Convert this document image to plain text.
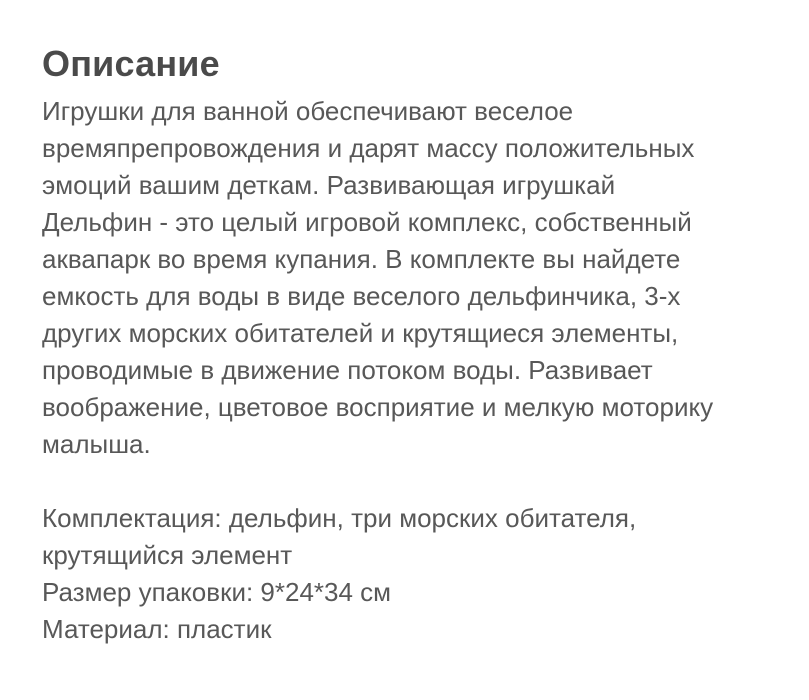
Описание

Игрушки для ванной обеспечивают веселое
времяпрепровождения и дарят массу положительных
эмоций вашим деткам. Развивающая игрушкай
Дельфин - это целый игровой комплекс, собственный
аквапарк во время купания. В комплекте вы найдете
емкость для воды в виде веселого дельфинчика, 3-х
других морских обитателей и крутящиеся элементы,
проводимые в движение потоком воды. Развивает
воображение, цветовое восприятие и мелкую моторику
малыша.

Комплектация: дельфин, три морских обитателя,
крутящийся элемент
Размер упаковки: 9*24*34 см
Материал: пластик
